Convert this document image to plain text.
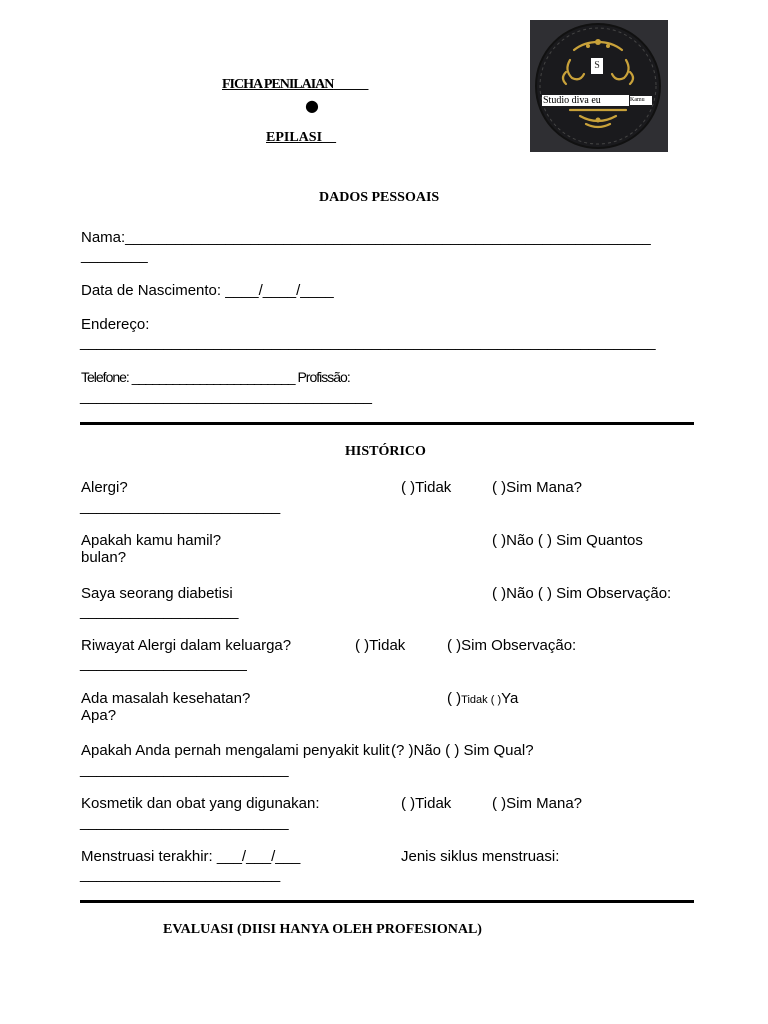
FICHA PENILAIAN_____
●
EPILASI__
S
Studio diva eu	Kamu
DADOS PESSOAIS
Nama:_______________________________________________________________
________
Data de Nascimento: ____/____/____
Endereço:
_____________________________________________________________________
Telefone: ________________________ Profissão:
___________________________________
HISTÓRICO
Alergi?	( )Tidak	( )Sim Mana?
________________________
Apakah kamu hamil?	( )Não ( ) Sim Quantos
bulan?
Saya seorang diabetisi	( )Não ( ) Sim Observação:
___________________
Riwayat Alergi dalam keluarga?	( )Tidak	( )Sim Observação:
____________________
Ada masalah kesehatan?	( )Tidak ( )Ya
Apa?
Apakah Anda pernah mengalami penyakit kulit (? )Não ( ) Sim Qual?
_________________________
Kosmetik dan obat yang digunakan:	( )Tidak	( )Sim Mana?
_________________________
Menstruasi terakhir: ___/___/___	Jenis siklus menstruasi:
________________________
EVALUASI (DIISI HANYA OLEH PROFESIONAL)
